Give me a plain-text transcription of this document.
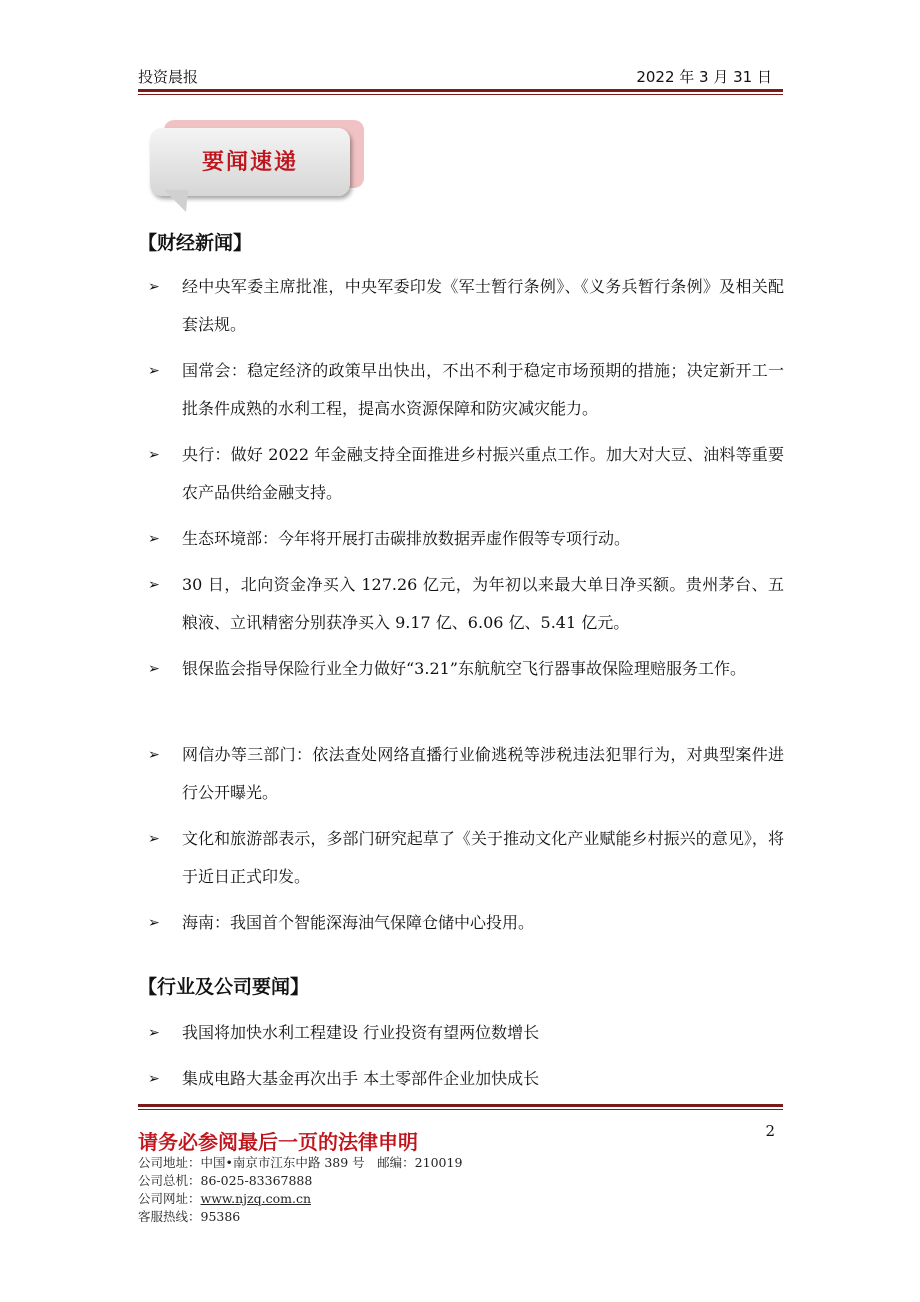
投资晨报	2022 年 3 月 31 日
要闻速递
【财经新闻】
➢	经中央军委主席批准，中央军委印发《军士暂行条例》、《义务兵暂行条例》及相关配套法规。
➢	国常会：稳定经济的政策早出快出，不出不利于稳定市场预期的措施；决定新开工一批条件成熟的水利工程，提高水资源保障和防灾减灾能力。
➢	央行：做好 2022 年金融支持全面推进乡村振兴重点工作。加大对大豆、油料等重要农产品供给金融支持。
➢	生态环境部：今年将开展打击碳排放数据弄虚作假等专项行动。
➢	30 日，北向资金净买入 127.26 亿元，为年初以来最大单日净买额。贵州茅台、五粮液、立讯精密分别获净买入 9.17 亿、6.06 亿、5.41 亿元。
➢	银保监会指导保险行业全力做好“3.21”东航航空飞行器事故保险理赔服务工作。
➢	网信办等三部门：依法查处网络直播行业偷逃税等涉税违法犯罪行为，对典型案件进行公开曝光。
➢	文化和旅游部表示，多部门研究起草了《关于推动文化产业赋能乡村振兴的意见》，将于近日正式印发。
➢	海南：我国首个智能深海油气保障仓储中心投用。
【行业及公司要闻】
➢	我国将加快水利工程建设 行业投资有望两位数增长
➢	集成电路大基金再次出手 本土零部件企业加快成长
2
请务必参阅最后一页的法律申明
公司地址：中国•南京市江东中路 389 号　邮编：210019
公司总机：86-025-83367888
公司网址：www.njzq.com.cn
客服热线：95386
